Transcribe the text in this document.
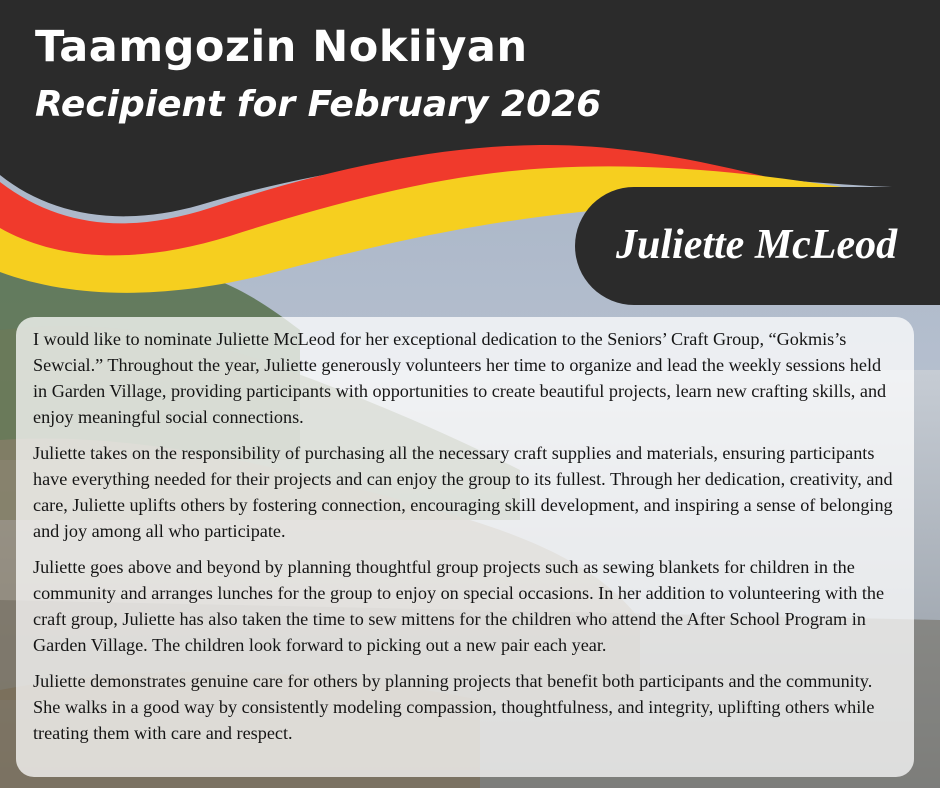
Taamgozin Nokiiyan
Recipient for February 2026
Juliette McLeod

I would like to nominate Juliette McLeod for her exceptional dedication to the Seniors’ Craft Group, “Gokmis’s Sewcial.” Throughout the year, Juliette generously volunteers her time to organize and lead the weekly sessions held in Garden Village, providing participants with opportunities to create beautiful projects, learn new crafting skills, and enjoy meaningful social connections.

Juliette takes on the responsibility of purchasing all the necessary craft supplies and materials, ensuring participants have everything needed for their projects and can enjoy the group to its fullest. Through her dedication, creativity, and care, Juliette uplifts others by fostering connection, encouraging skill development, and inspiring a sense of belonging and joy among all who participate.

Juliette goes above and beyond by planning thoughtful group projects such as sewing blankets for children in the community and arranges lunches for the group to enjoy on special occasions. In her addition to volunteering with the craft group, Juliette has also taken the time to sew mittens for the children who attend the After School Program in Garden Village. The children look forward to picking out a new pair each year.

Juliette demonstrates genuine care for others by planning projects that benefit both participants and the community. She walks in a good way by consistently modeling compassion, thoughtfulness, and integrity, uplifting others while treating them with care and respect.
